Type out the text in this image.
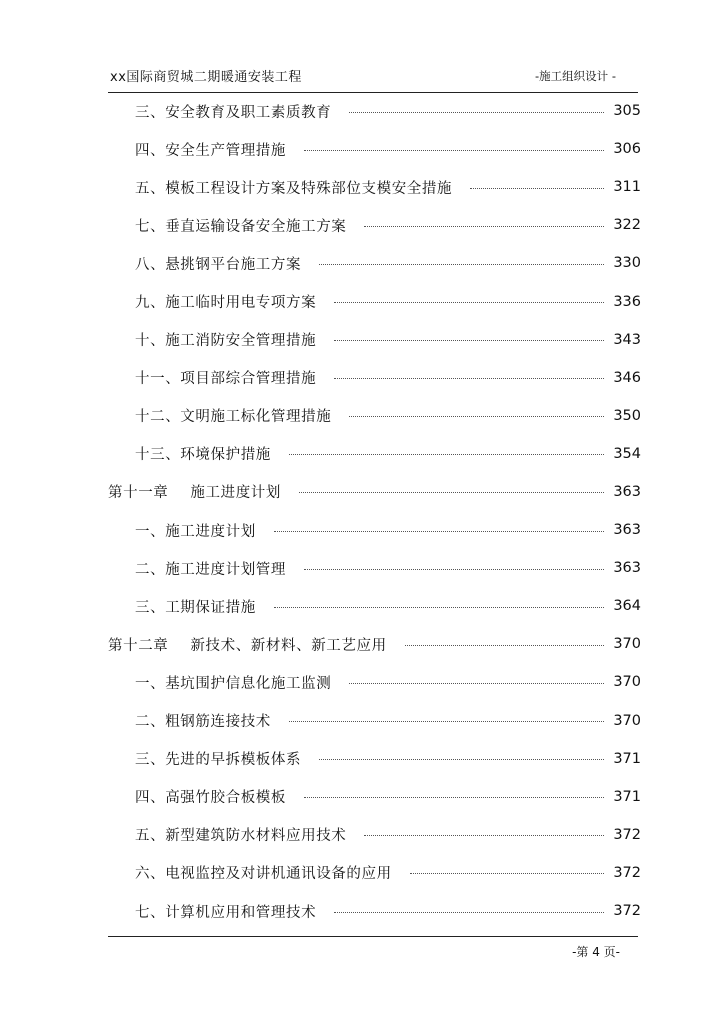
xx国际商贸城二期暖通安装工程	-施工组织设计 -
三、安全教育及职工素质教育	305
四、安全生产管理措施	306
五、模板工程设计方案及特殊部位支模安全措施	311
七、垂直运输设备安全施工方案	322
八、悬挑钢平台施工方案	330
九、施工临时用电专项方案	336
十、施工消防安全管理措施	343
十一、项目部综合管理措施	346
十二、文明施工标化管理措施	350
十三、环境保护措施	354
第十一章 施工进度计划	363
一、施工进度计划	363
二、施工进度计划管理	363
三、工期保证措施	364
第十二章 新技术、新材料、新工艺应用	370
一、基坑围护信息化施工监测	370
二、粗钢筋连接技术	370
三、先进的早拆模板体系	371
四、高强竹胶合板模板	371
五、新型建筑防水材料应用技术	372
六、电视监控及对讲机通讯设备的应用	372
七、计算机应用和管理技术	372
-第 4 页-
